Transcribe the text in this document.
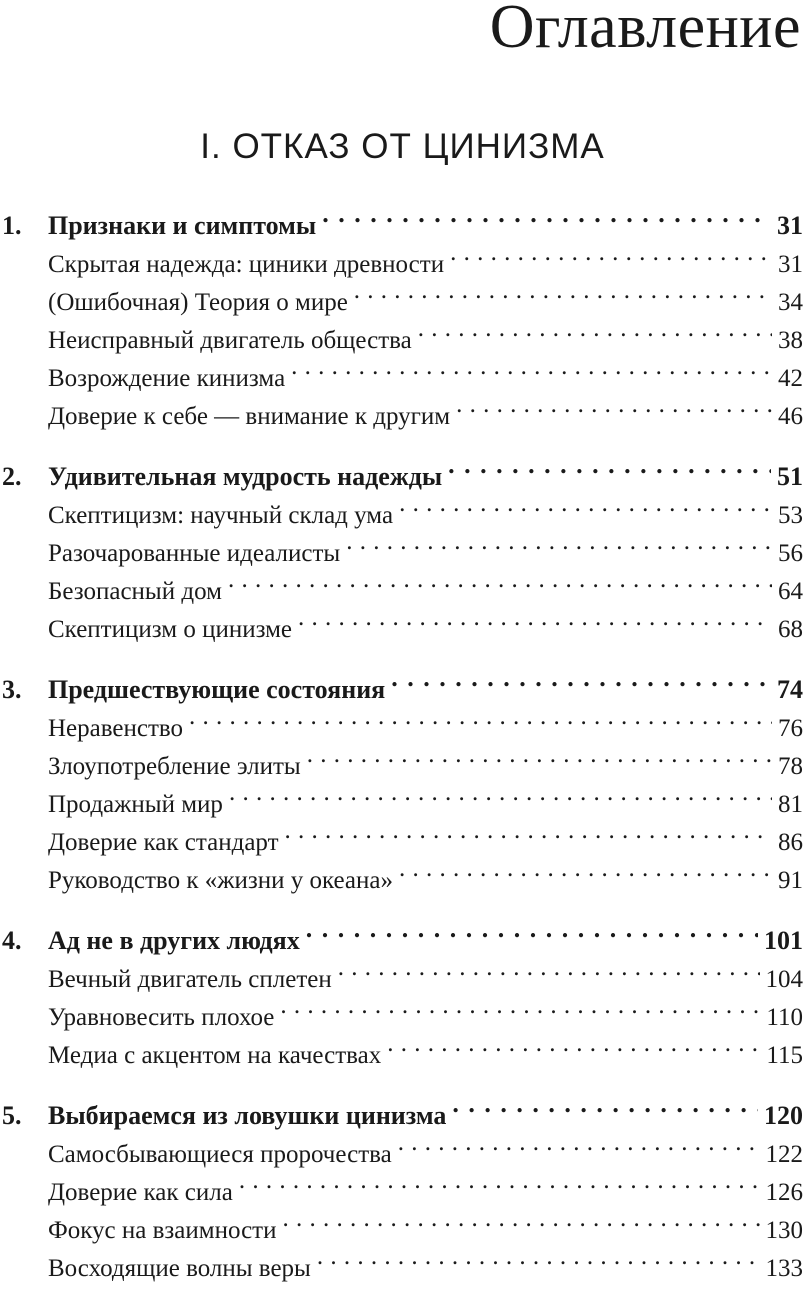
Оглавление
I. ОТКАЗ ОТ ЦИНИЗМА
1.	Признаки и симптомы . . .	31
Скрытая надежда: циники древности . . .	31
(Ошибочная) Теория о мире . . .	34
Неисправный двигатель общества . . .	38
Возрождение кинизма . . .	42
Доверие к себе — внимание к другим . . .	46
2.	Удивительная мудрость надежды . . .	51
Скептицизм: научный склад ума . . .	53
Разочарованные идеалисты . . .	56
Безопасный дом . . .	64
Скептицизм о цинизме . . .	68
3.	Предшествующие состояния . . .	74
Неравенство . . .	76
Злоупотребление элиты . . .	78
Продажный мир . . .	81
Доверие как стандарт . . .	86
Руководство к «жизни у океана» . . .	91
4.	Ад не в других людях . . .	101
Вечный двигатель сплетен . . .	104
Уравновесить плохое . . .	110
Медиа с акцентом на качествах . . .	115
5.	Выбираемся из ловушки цинизма . . .	120
Самосбывающиеся пророчества . . .	122
Доверие как сила . . .	126
Фокус на взаимности . . .	130
Восходящие волны веры . . .	133
